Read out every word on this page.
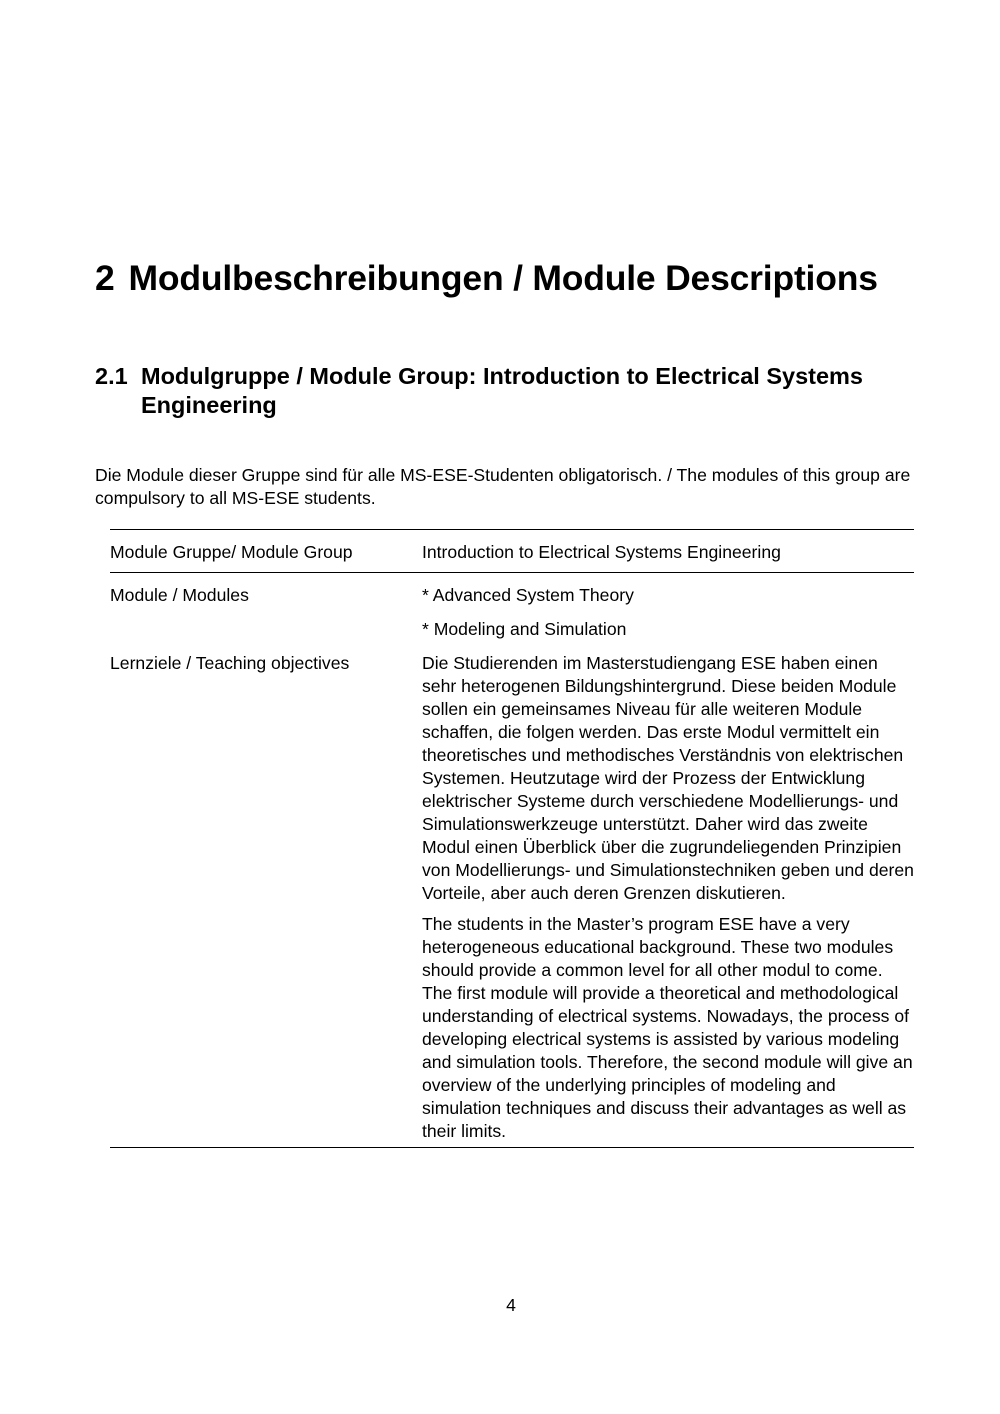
2 Modulbeschreibungen / Module Descriptions
2.1 Modulgruppe / Module Group: Introduction to Electrical Systems Engineering

Die Module dieser Gruppe sind für alle MS-ESE-Studenten obligatorisch. / The modules of this group are compulsory to all MS-ESE students.

Module Gruppe/ Module Group	Introduction to Electrical Systems Engineering
Module / Modules	* Advanced System Theory

* Modeling and Simulation

Lernziele / Teaching objectives	Die Studierenden im Masterstudiengang ESE haben einen sehr heterogenen Bildungshintergrund. Diese beiden Module sollen ein gemeinsames Niveau für alle weiteren Module schaffen, die folgen werden. Das erste Modul vermittelt ein theoretisches und methodisches Verständnis von elektrischen Systemen. Heutzutage wird der Prozess der Entwicklung elektrischer Systeme durch verschiedene Modellierungs- und Simulationswerkzeuge unterstützt. Daher wird das zweite Modul einen Überblick über die zugrundeliegenden Prinzipien von Modellierungs- und Simulationstechniken geben und deren Vorteile, aber auch deren Grenzen diskutieren.

The students in the Master’s program ESE have a very heterogeneous educational background. These two modules should provide a common level for all other modul to come. The first module will provide a theoretical and methodological understanding of electrical systems. Nowadays, the process of developing electrical systems is assisted by various modeling and simulation tools. Therefore, the second module will give an overview of the underlying principles of modeling and simulation techniques and discuss their advantages as well as their limits.

4
